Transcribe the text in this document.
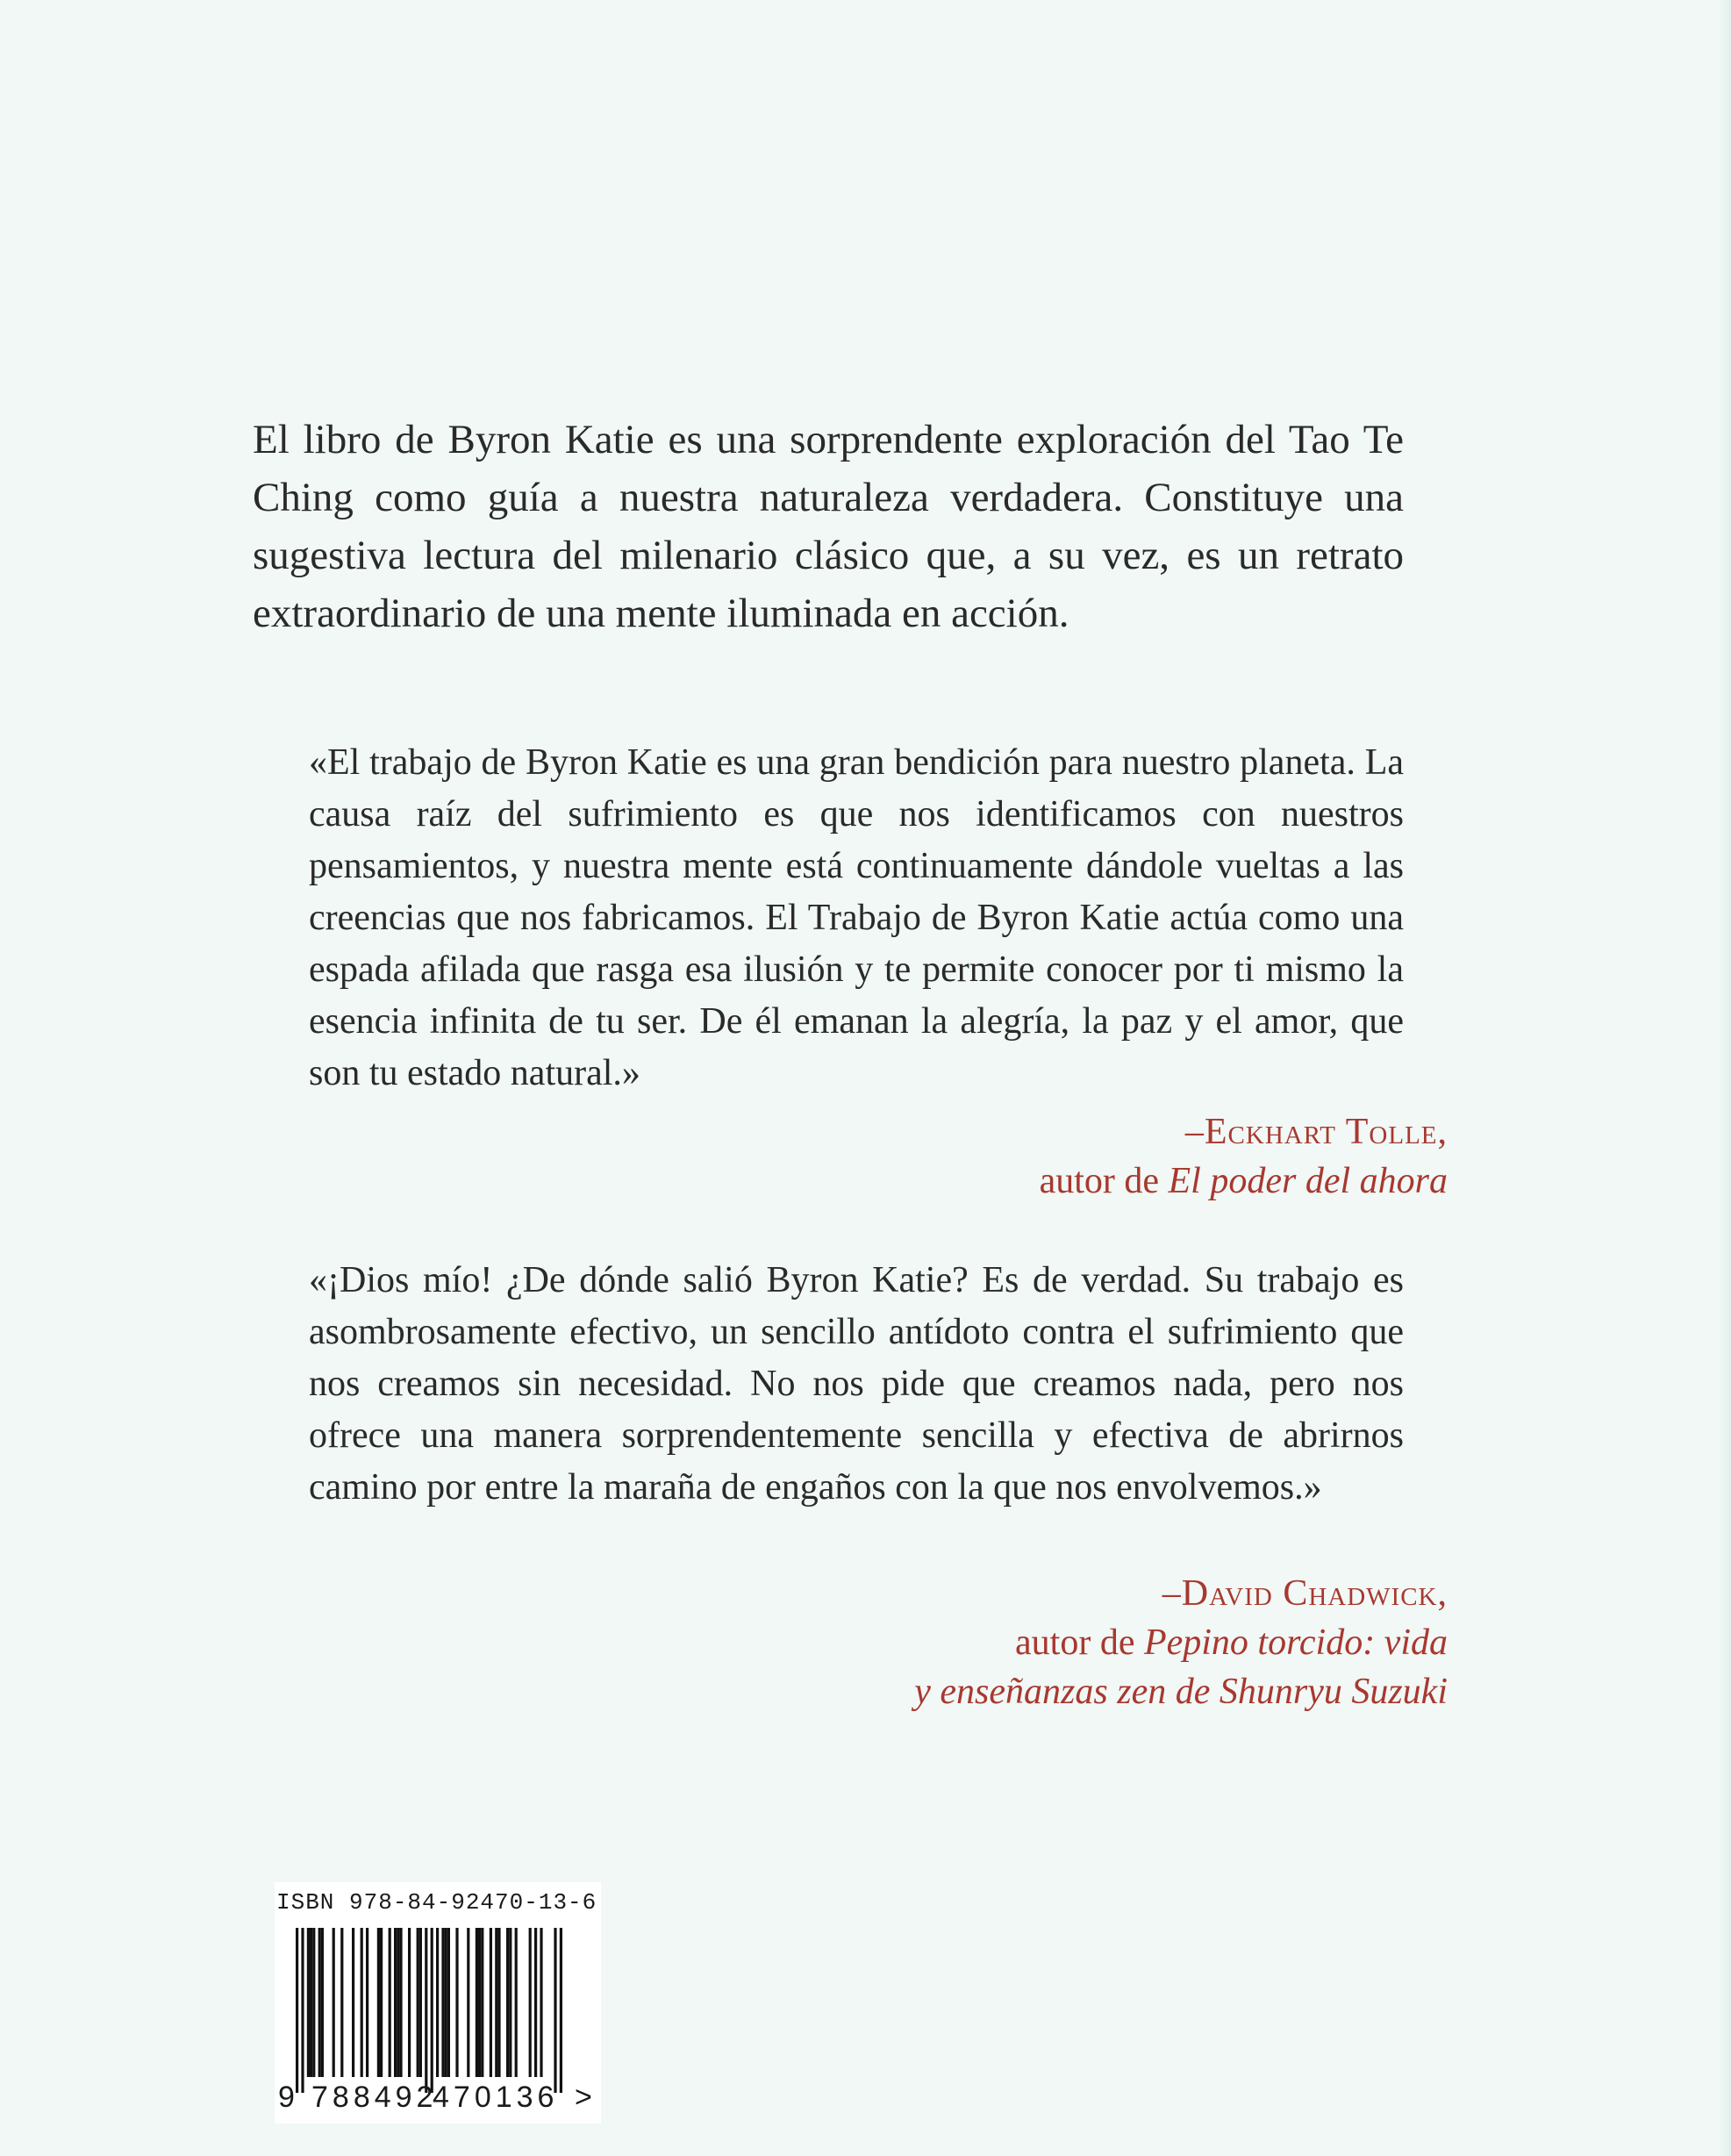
El libro de Byron Katie es una sorprendente exploración del Tao Te Ching como guía a nuestra naturaleza verdadera. Constituye una sugestiva lectura del milenario clásico que, a su vez, es un retrato extraordinario de una mente iluminada en acción.

«El trabajo de Byron Katie es una gran bendición para nuestro planeta. La causa raíz del sufrimiento es que nos identificamos con nuestros pensamientos, y nuestra mente está continuamente dándole vueltas a las creencias que nos fabricamos. El Trabajo de Byron Katie actúa como una espada afilada que rasga esa ilusión y te permite conocer por ti mismo la esencia infinita de tu ser. De él emanan la alegría, la paz y el amor, que son tu estado natural.»

–Eckhart Tolle,
autor de El poder del ahora

«¡Dios mío! ¿De dónde salió Byron Katie? Es de verdad. Su trabajo es asombrosamente efectivo, un sencillo antídoto contra el sufrimiento que nos creamos sin necesidad. No nos pide que creamos nada, pero nos ofrece una manera sorprendentemente sencilla y efectiva de abrirnos camino por entre la maraña de engaños con la que nos envolvemos.»

–David Chadwick,
autor de Pepino torcido: vida
y enseñanzas zen de Shunryu Suzuki
ISBN 978-84-92470-13-6
9 788492
470136 >
